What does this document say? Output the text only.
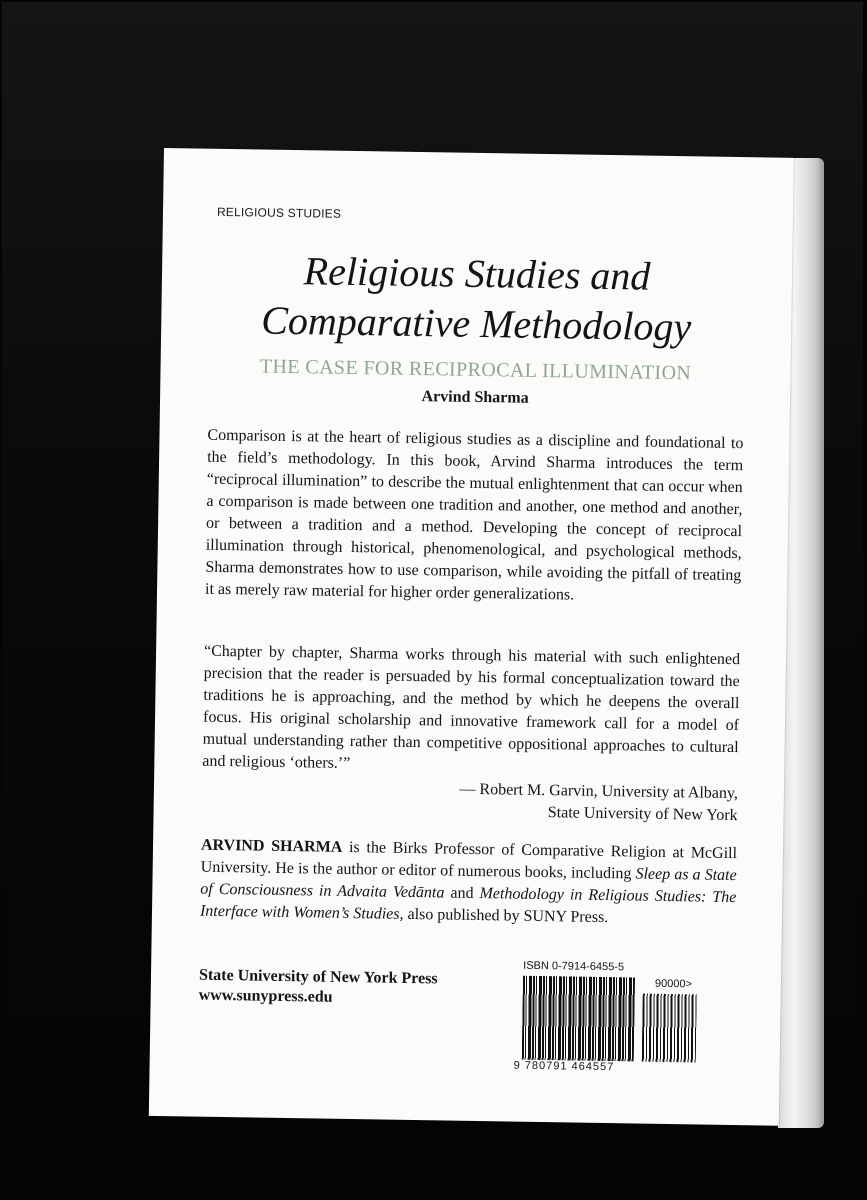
RELIGIOUS STUDIES
Religious Studies and
Comparative Methodology
THE CASE FOR RECIPROCAL ILLUMINATION
Arvind Sharma

Comparison is at the heart of religious studies as a discipline and foundational to the field’s methodology. In this book, Arvind Sharma introduces the term “reciprocal illumination” to describe the mutual enlightenment that can occur when a comparison is made between one tradition and another, one method and another, or between a tradition and a method. Developing the concept of reciprocal illumination through historical, phenomenological, and psychological methods, Sharma demonstrates how to use comparison, while avoiding the pitfall of treating it as merely raw material for higher order generalizations.

“Chapter by chapter, Sharma works through his material with such enlightened precision that the reader is persuaded by his formal conceptualization toward the traditions he is approaching, and the method by which he deepens the overall focus. His original scholarship and innovative framework call for a model of mutual understanding rather than competitive oppositional approaches to cultural and religious ‘others.’”

— Robert M. Garvin, University at Albany,
State University of New York

ARVIND SHARMA is the Birks Professor of Comparative Religion at McGill University. He is the author or editor of numerous books, including Sleep as a State of Consciousness in Advaita Vedānta and Methodology in Religious Studies: The Interface with Women’s Studies, also published by SUNY Press.

State University of New York Press
www.sunypress.edu
ISBN 0-7914-6455-5
90000>
9 780791 464557
